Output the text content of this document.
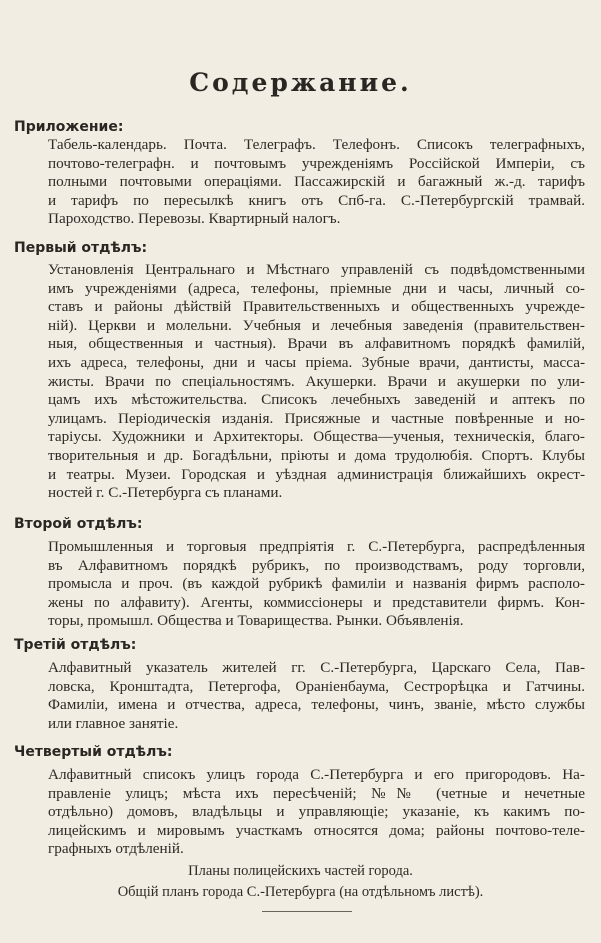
Содержание.
Приложение:
Табель-календарь. Почта. Телеграфъ. Телефонъ. Списокъ телеграфныхъ,
почтово-телеграфн. и почтовымъ учрежденіямъ Россійской Имперіи, съ
полными почтовыми операціями. Пассажирскій и багажный ж.-д. тарифъ
и тарифъ по пересылкѣ книгъ отъ Спб-га. С.-Петербургскій трамвай.
Пароходство. Перевозы. Квартирный налогъ.
Первый отдѣлъ:
Установленія Центральнаго и Мѣстнаго управленій съ подвѣдомственными
имъ учрежденіями (адреса, телефоны, пріемные дни и часы, личный со-
ставъ и районы дѣйствій Правительственныхъ и общественныхъ учрежде-
ній). Церкви и молельни. Учебныя и лечебныя заведенія (правительствен-
ныя, общественныя и частныя). Врачи въ алфавитномъ порядкѣ фамилій,
ихъ адреса, телефоны, дни и часы пріема. Зубные врачи, дантисты, масса-
жисты. Врачи по спеціальностямъ. Акушерки. Врачи и акушерки по ули-
цамъ ихъ мѣстожительства. Списокъ лечебныхъ заведеній и аптекъ по
улицамъ. Періодическія изданія. Присяжные и частные повѣренные и но-
таріусы. Художники и Архитекторы. Общества—ученыя, техническія, благо-
творительныя и др. Богадѣльни, пріюты и дома трудолюбія. Спортъ. Клубы
и театры. Музеи. Городская и уѣздная администрація ближайшихъ окрест-
ностей г. С.-Петербурга съ планами.
Второй отдѣлъ:
Промышленныя и торговыя предпріятія г. С.-Петербурга, распредѣленныя
въ Алфавитномъ порядкѣ рубрикъ, по производствамъ, роду торговли,
промысла и проч. (въ каждой рубрикѣ фамиліи и названія фирмъ располо-
жены по алфавиту). Агенты, коммиссіонеры и представители фирмъ. Кон-
торы, промышл. Общества и Товарищества. Рынки. Объявленія.
Третій отдѣлъ:
Алфавитный указатель жителей гг. С.-Петербурга, Царскаго Села, Пав-
ловска, Кронштадта, Петергофа, Ораніенбаума, Сестрорѣцка и Гатчины.
Фамиліи, имена и отчества, адреса, телефоны, чинъ, званіе, мѣсто службы
или главное занятіе.
Четвертый отдѣлъ:
Алфавитный списокъ улицъ города С.-Петербурга и его пригородовъ. На-
правленіе улицъ; мѣста ихъ пересѣченій; №№ (четные и нечетные
отдѣльно) домовъ, владѣльцы и управляющіе; указаніе, къ какимъ по-
лицейскимъ и мировымъ участкамъ относятся дома; районы почтово-теле-
графныхъ отдѣленій.
Планы полицейскихъ частей города.
Общій планъ города С.-Петербурга (на отдѣльномъ листѣ).
